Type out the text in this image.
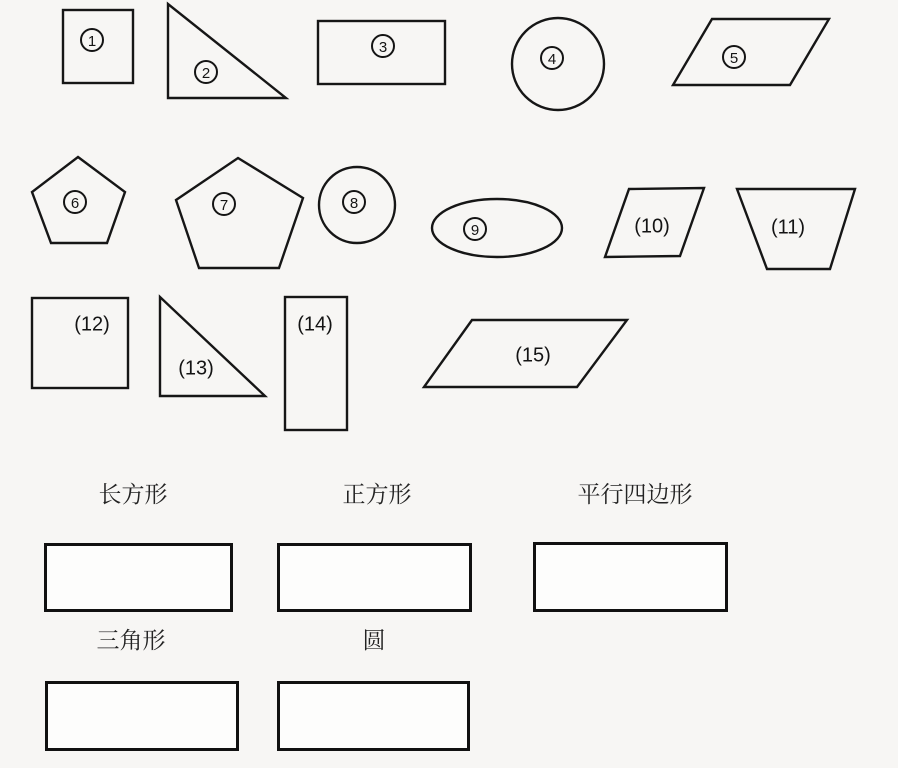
1
2
3
4	5
6	7	8
9	(10)	(11)
(12)
(13)
(14)
(15)
长方形	正方形	平行四边形
三角形	圆
